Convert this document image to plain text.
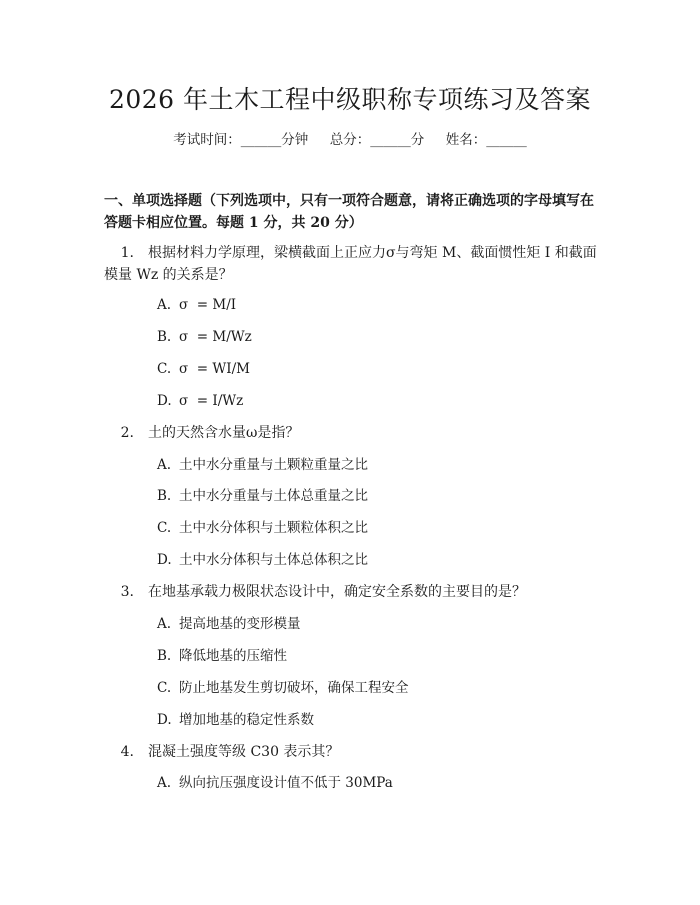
2026 年土木工程中级职称专项练习及答案
考试时间：______分钟     总分：______分     姓名：______
一、单项选择题（下列选项中，只有一项符合题意，请将正确选项的字母填写在答题卡相应位置。每题 1 分，共 20 分）
1. 根据材料力学原理，梁横截面上正应力σ与弯矩 M、截面惯性矩 I 和截面模量 Wz 的关系是？
A. σ  = M/I
B. σ  = M/Wz
C. σ  = WI/M
D. σ  = I/Wz
2. 土的天然含水量ω是指？
A. 土中水分重量与土颗粒重量之比
B. 土中水分重量与土体总重量之比
C. 土中水分体积与土颗粒体积之比
D. 土中水分体积与土体总体积之比
3. 在地基承载力极限状态设计中，确定安全系数的主要目的是？
A. 提高地基的变形模量
B. 降低地基的压缩性
C. 防止地基发生剪切破坏，确保工程安全
D. 增加地基的稳定性系数
4. 混凝土强度等级 C30 表示其？
A. 纵向抗压强度设计值不低于 30MPa
